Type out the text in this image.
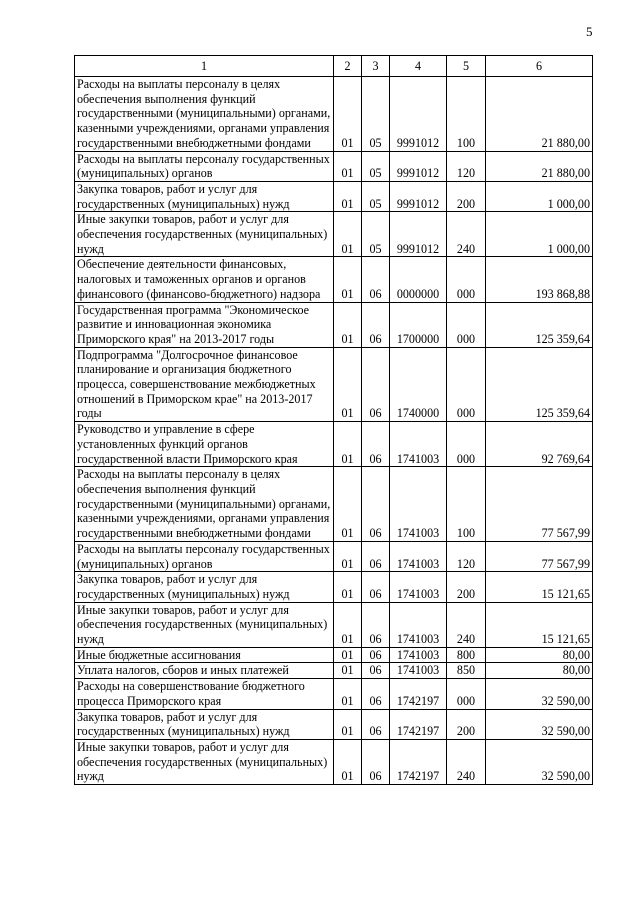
5
1	2	3	4	5	6
Расходы на выплаты персоналу в целях обеспечения выполнения функций государственными (муниципальными) органами, казенными учреждениями, органами управления государственными внебюджетными фондами	01	05	9991012	100	21 880,00
Расходы на выплаты персоналу государственных (муниципальных) органов	01	05	9991012	120	21 880,00
Закупка товаров, работ и услуг для государственных (муниципальных) нужд	01	05	9991012	200	1 000,00
Иные закупки товаров, работ и услуг для обеспечения государственных (муниципальных) нужд	01	05	9991012	240	1 000,00
Обеспечение деятельности финансовых, налоговых и таможенных органов и органов финансового (финансово-бюджетного) надзора	01	06	0000000	000	193 868,88
Государственная программа "Экономическое развитие и инновационная экономика Приморского края" на 2013-2017 годы	01	06	1700000	000	125 359,64
Подпрограмма "Долгосрочное финансовое планирование и организация бюджетного процесса, совершенствование межбюджетных отношений в Приморском крае" на 2013-2017 годы	01	06	1740000	000	125 359,64
Руководство и управление в сфере установленных функций органов государственной власти Приморского края	01	06	1741003	000	92 769,64
Расходы на выплаты персоналу в целях обеспечения выполнения функций государственными (муниципальными) органами, казенными учреждениями, органами управления государственными внебюджетными фондами	01	06	1741003	100	77 567,99
Расходы на выплаты персоналу государственных (муниципальных) органов	01	06	1741003	120	77 567,99
Закупка товаров, работ и услуг для государственных (муниципальных) нужд	01	06	1741003	200	15 121,65
Иные закупки товаров, работ и услуг для обеспечения государственных (муниципальных) нужд	01	06	1741003	240	15 121,65
Иные бюджетные ассигнования	01	06	1741003	800	80,00
Уплата налогов, сборов и иных платежей	01	06	1741003	850	80,00
Расходы на совершенствование бюджетного процесса Приморского края	01	06	1742197	000	32 590,00
Закупка товаров, работ и услуг для государственных (муниципальных) нужд	01	06	1742197	200	32 590,00
Иные закупки товаров, работ и услуг для обеспечения государственных (муниципальных) нужд	01	06	1742197	240	32 590,00
